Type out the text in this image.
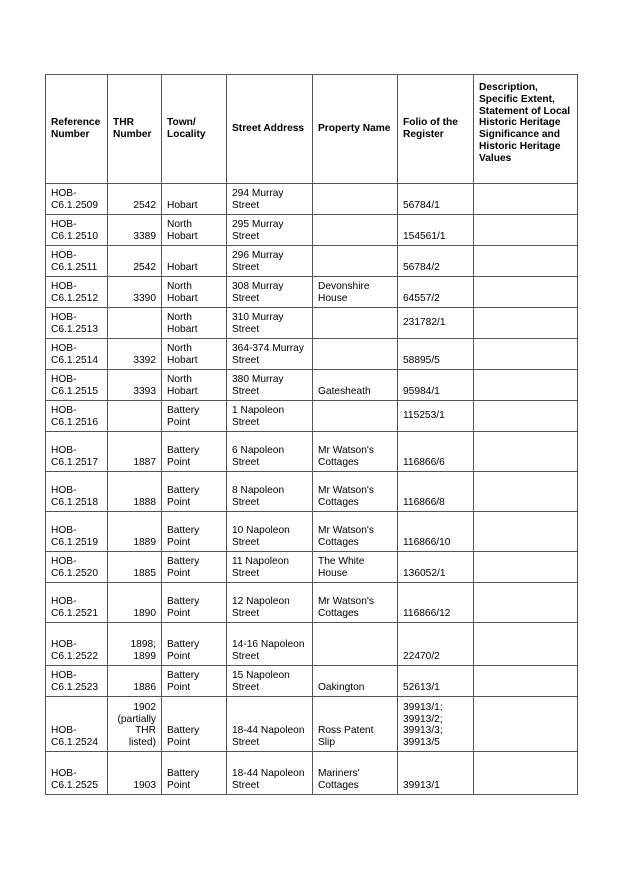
Reference Number	THR Number	Town/ Locality	Street Address	Property Name	Folio of the Register	Description, Specific Extent, Statement of Local Historic Heritage Significance and Historic Heritage Values
HOB-
C6.1.2509	2542	Hobart	294 Murray Street		56784/1	
HOB-
C6.1.2510	3389	North Hobart	295 Murray Street		154561/1	
HOB-
C6.1.2511	2542	Hobart	296 Murray Street		56784/2	
HOB-
C6.1.2512	3390	North Hobart	308 Murray Street	Devonshire House	64557/2	
HOB-
C6.1.2513		North Hobart	310 Murray Street		231782/1	
HOB-
C6.1.2514	3392	North Hobart	364-374 Murray Street		58895/5	
HOB-
C6.1.2515	3393	North Hobart	380 Murray Street	Gatesheath	95984/1	
HOB-
C6.1.2516		Battery Point	1 Napoleon Street		115253/1	
HOB-
C6.1.2517	1887	Battery Point	6 Napoleon Street	Mr Watson's Cottages	116866/6	
HOB-
C6.1.2518	1888	Battery Point	8 Napoleon Street	Mr Watson's Cottages	116866/8	
HOB-
C6.1.2519	1889	Battery Point	10 Napoleon Street	Mr Watson's Cottages	116866/10	
HOB-
C6.1.2520	1885	Battery Point	11 Napoleon Street	The White House	136052/1	
HOB-
C6.1.2521	1890	Battery Point	12 Napoleon Street	Mr Watson's Cottages	116866/12	
HOB-
C6.1.2522	1898; 1899	Battery Point	14-16 Napoleon Street		22470/2	
HOB-
C6.1.2523	1886	Battery Point	15 Napoleon Street	Oakington	52613/1	
HOB-
C6.1.2524	1902 (partially THR listed)	Battery Point	18-44 Napoleon Street	Ross Patent Slip	39913/1; 39913/2; 39913/3; 39913/5	
HOB-
C6.1.2525	1903	Battery Point	18-44 Napoleon Street	Mariners' Cottages	39913/1	
